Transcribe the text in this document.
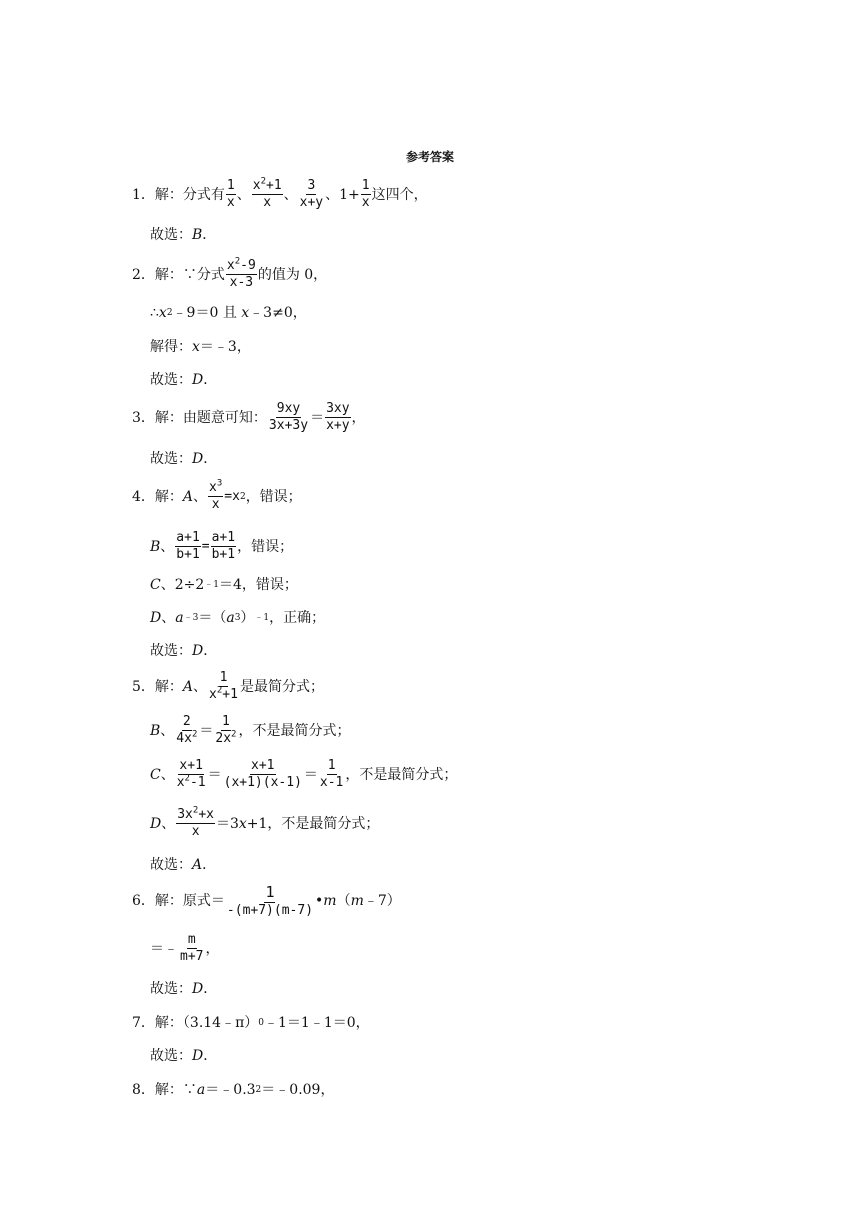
参考答案
1．解：分式有 $\frac{1}{x}$ 、 $\frac{x^2+1}{x}$ 、 $\frac{3}{x+y}$ 、$1+ \frac{1}{x}$ 这四个，
故选： B ．
2．解：∵分式 $\frac{x^2-9}{x-3}$ 的值为 0，
∴ x 2 ﹣9＝0 且
x ﹣3≠0，
解得： x ＝﹣3，
故选： D ．
3．解：由题意可知： $\frac{9xy}{3x+3y} = \frac{3xy}{x+y}$ ，
故选： D ．
4．解： A 、 $\frac{x^3}{x} = x$ 2 ，错误；
B 、 $\frac{a+1}{b+1} = \frac{a+1}{b+1}$ ，错误；
C 、2÷2 ﹣1 ＝4，错误；
D 、 a ﹣3 ＝（ a 3 ） ﹣1 ，正确；
故选： D ．
5．解： A 、 $\frac{1}{x^2+1}$ 是最简分式；
B 、 $\frac{2}{4x^2} = \frac{1}{2x^2}$ ，不是最简分式；
C 、 $\frac{x+1}{x^2-1} = \frac{x+1}{(x+1)(x-1)} = \frac{1}{x-1}$ ，不是最简分式；
D 、 $\frac{3x^2+x}{x} =3$ x +1，不是最简分式；
故选： A ．
6．解：原式＝ $\frac{1}{-(m+7)(m-7)}$ • m （ m ﹣7）
＝﹣ $\frac{m}{m+7}$ ，
故选： D ．
7．解：（3.14﹣π） 0 ﹣1＝1﹣1＝0，
故选： D ．
8．解：∵ a ＝﹣0.3 2 ＝﹣0.09，
